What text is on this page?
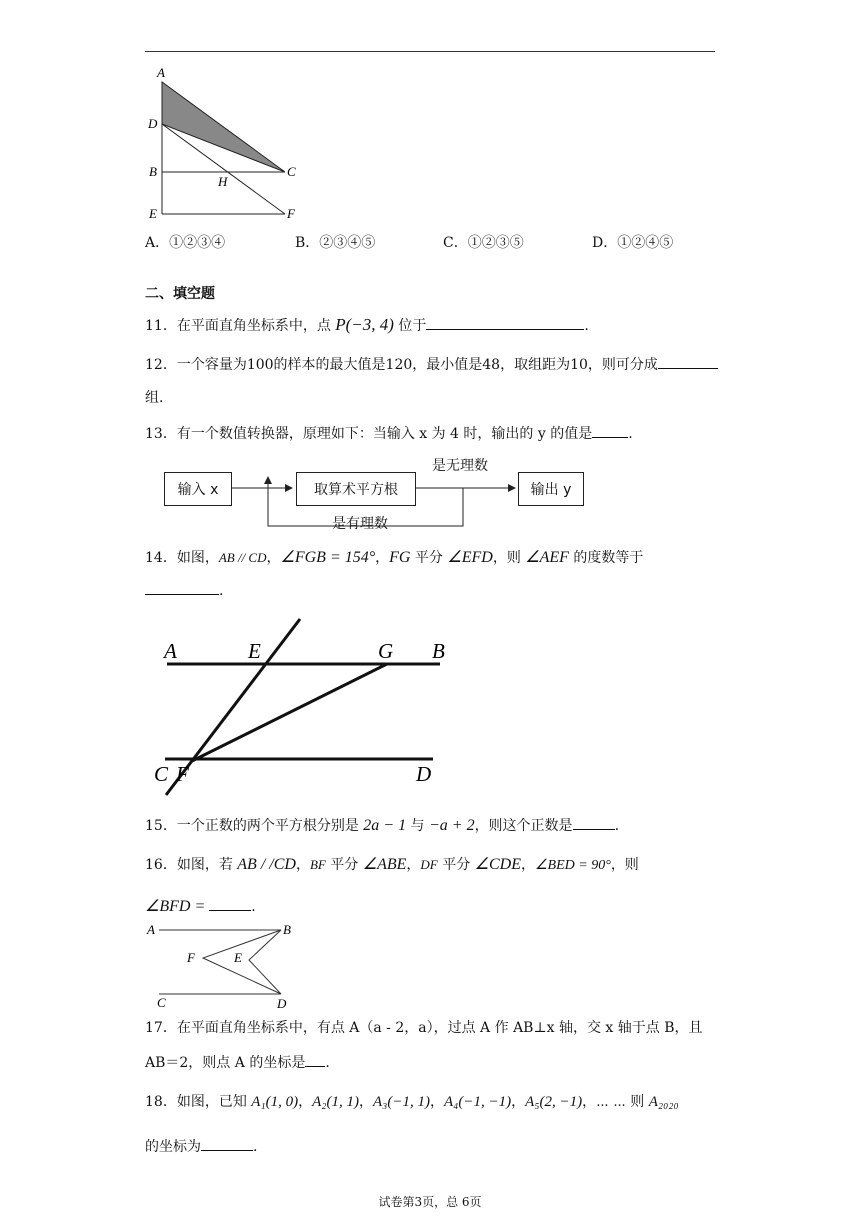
A
D
B
H
C
E	F
A．①②③④	B．②③④⑤	C．①②③⑤	D．①②④⑤
二、填空题
11．在平面直角坐标系中，点 P(−3, 4) 位于	.
12．一个容量为100的样本的最大值是120，最小值是48，取组距为10，则可分成
组.
13．有一个数值转换器，原理如下：当输入 x 为 4 时，输出的 y 的值是	.
输入 x	取算术平方根	输出 y
是无理数
是有理数
14．如图，AB // CD，∠FGB = 154°，FG 平分 ∠EFD，则 ∠AEF 的度数等于
.
A	E	G B
C F	D
15．一个正数的两个平方根分别是 2a − 1 与 −a + 2，则这个正数是	.
16．如图，若 AB / /CD，BF 平分 ∠ABE，DF 平分 ∠CDE，∠BED = 90°，则
∠BFD =	.
A	B
F	E
C	D
17．在平面直角坐标系中，有点 A（a - 2，a），过点 A 作 AB⊥x 轴，交 x 轴于点 B，且
AB＝2，则点 A 的坐标是 .
18．如图，已知 A₁(1, 0)，A₂(1, 1)，A₃(−1, 1)，A₄(−1, −1)，A₅(2, −1)，⋯ ⋯ 则 A₂₀₂₀
的坐标为	.
试卷第3页，总 6页
